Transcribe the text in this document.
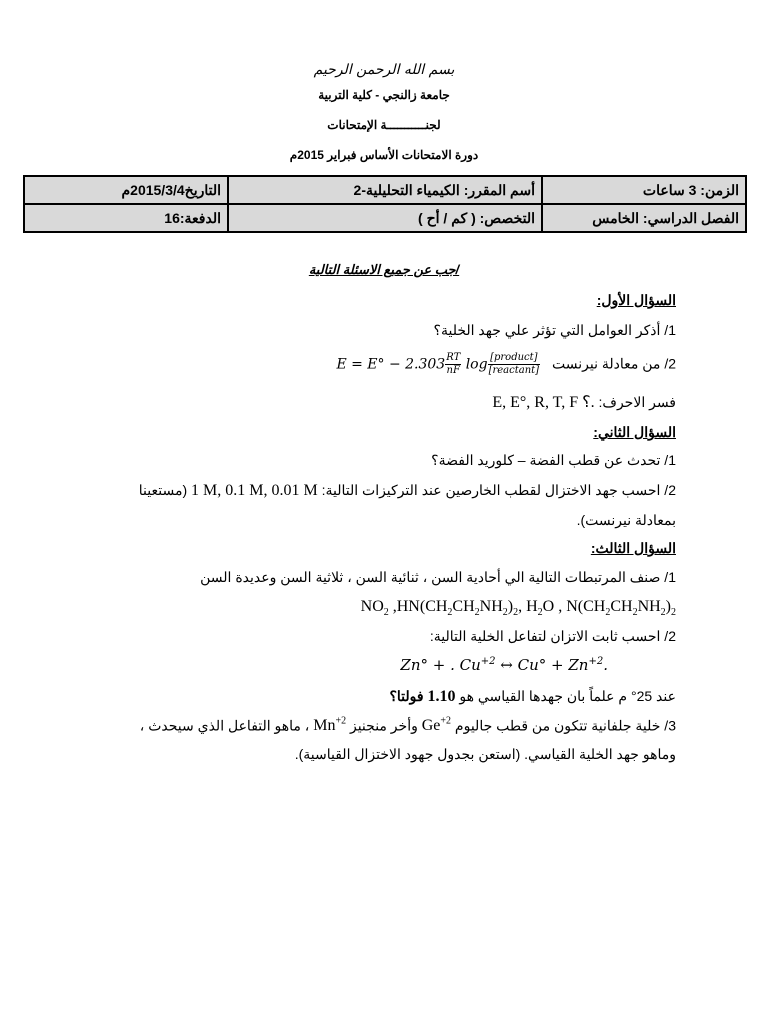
بسم الله الرحمن الرحيم
جامعة زالنجي - كلية التربية
لجنـــــــــــة الإمتحانات
دورة الامتحانات الأساس فبراير 2015م
التاريخ2015/3/4م	أسم المقرر: الكيمياء التحليلية-2	الزمن: 3 ساعات
الدفعة:16	التخصص: ( كم / أح )	الفصل الدراسي: الخامس
/جب عن جميع الاسئلة التالية
السؤال الأول:
1/ أذكر العوامل التي تؤثر علي جهد الخلية؟
2/ من معادلة نيرنست $E = E^\circ - 2.303 \frac{RT}{nF}$ $\log \frac{\text{[product]}}{\text{[reactant]}}$
فسر الاحرف: E, E°, R, T, F ؟.
السؤال الثاني:
1/ تحدث عن قطب الفضة – كلوريد الفضة؟
2/ احسب جهد الاختزال لقطب الخارصين عند التركيزات التالية: 1 M, 0.1 M, 0.01 M (مستعينا
بمعادلة نيرنست).
السؤال الثالث:
1/ صنف المرتبطات التالية الي أحادية السن ، ثنائية السن ، ثلاثية السن وعديدة السن
$NO_2$ $,HN(CH_2CH_2NH_2)_2$, $H_2O$ , $N(CH_2CH_2NH_2)_2$
2/ احسب ثابت الاتزان لتفاعل الخلية التالية:
Zn° + . $Cu^{+2}$ ↔ $Cu^\circ + Zn^{+2}$.
عند 25° م علماً بان جهدها القياسي هو 1.10 فولتا؟
3/ خلية جلفانية تتكون من قطب جاليوم $Ge^{+2}$ وأخر منجنيز $Mn^{+2}$ ، ماهو التفاعل الذي سيحدث ،
وماهو جهد الخلية القياسي. (استعن بجدول جهود الاختزال القياسية).
